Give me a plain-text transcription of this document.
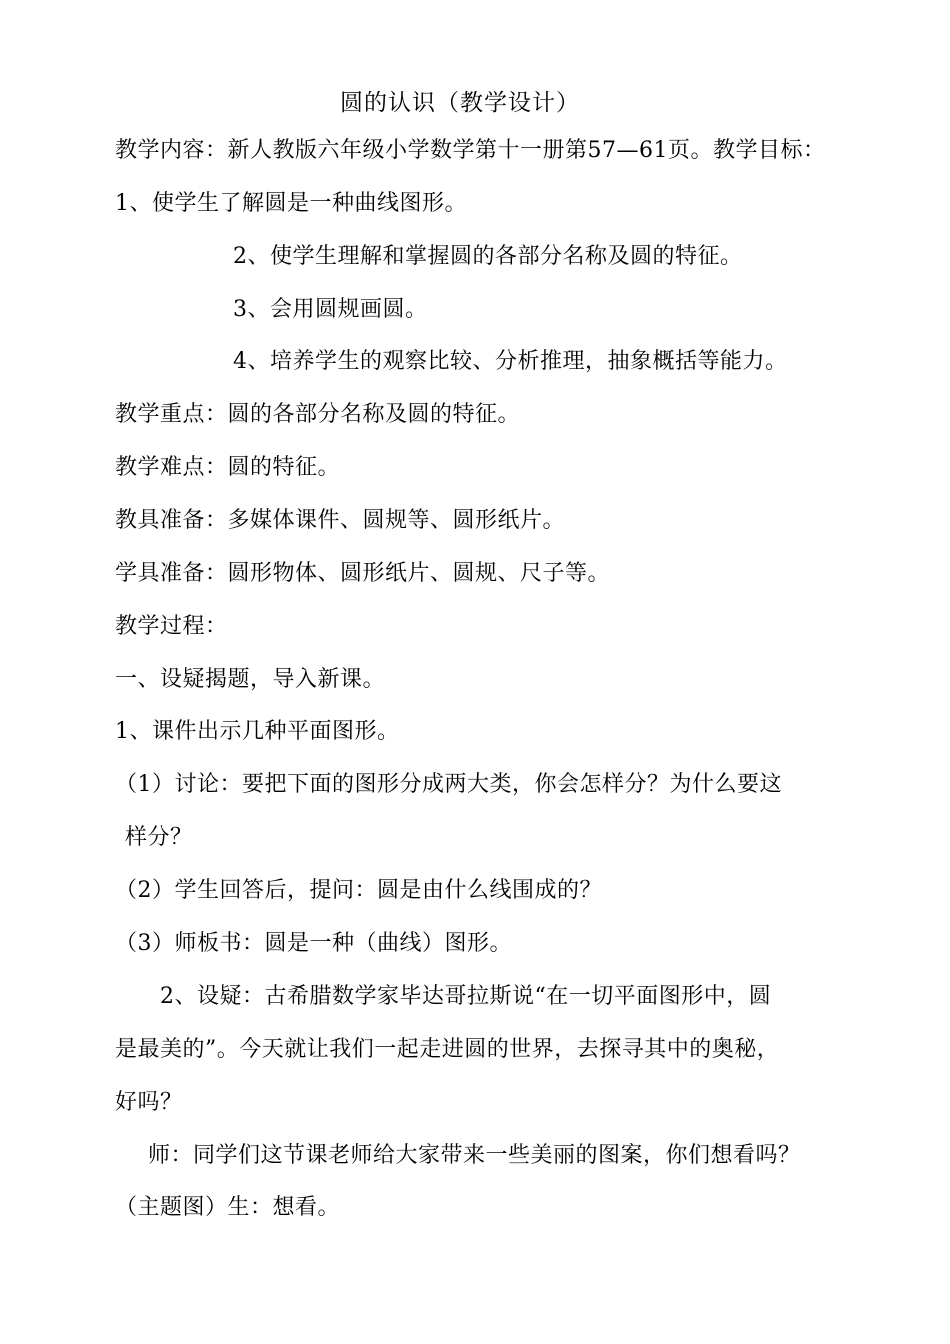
圆的认识（教学设计）
教学内容：新人教版六年级小学数学第十一册第57—61页。教学目标：
1、使学生了解圆是一种曲线图形。
2、使学生理解和掌握圆的各部分名称及圆的特征。
3、会用圆规画圆。
4、培养学生的观察比较、分析推理，抽象概括等能力。
教学重点：圆的各部分名称及圆的特征。
教学难点：圆的特征。
教具准备：多媒体课件、圆规等、圆形纸片。
学具准备：圆形物体、圆形纸片、圆规、尺子等。
教学过程：
一、设疑揭题，导入新课。
1、课件出示几种平面图形。
（1）讨论：要把下面的图形分成两大类，你会怎样分？为什么要这
样分？
（2）学生回答后，提问：圆是由什么线围成的？
（3）师板书：圆是一种（曲线）图形。
2、设疑：古希腊数学家毕达哥拉斯说“在一切平面图形中，圆
是最美的”。今天就让我们一起走进圆的世界，去探寻其中的奥秘，
好吗？
师：同学们这节课老师给大家带来一些美丽的图案，你们想看吗？
（主题图）生：想看。
